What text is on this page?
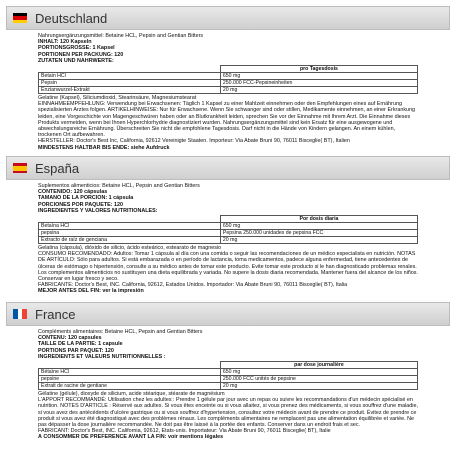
Deutschland
Nahrungsergänzungsmittel: Betaine HCL, Pepsin and Gentian Bitters
INHALT: 120 Kapseln
PORTIONSGRÖSSE: 1 Kapsel
PORTIONEN PER PACKUNG: 120
ZUTATEN UND NÄHRWERTE:
	pro Tagesdosis
Betain HCl	650 mg
Pepsin	250.000 FCC-Pepsineinheiten
Enzianwurzel-Extrakt	20 mg
Gelatine (Kapsel), Siliciumdioxid, Stearinsäure, Magnesiumstearat
EINNAHMEEMPFEHLUNG: Verwendung bei Erwachsenen: Täglich 1 Kapsel zu einer Mahlzeit einnehmen oder den Empfehlungen eines auf Ernährung spezialisierten Arztes folgen. ARTIKELHINWEISE: Nur für Erwachsene. Wenn Sie schwanger sind oder stillen, Medikamente einnehmen, an einer Erkrankung leiden, eine Vorgeschichte von Magengeschwüren haben oder an Blutkrankheit leiden, sprechen Sie vor der Einnahme mit Ihrem Arzt. Die Einnahme dieses Produkts vermeiden, wenn bei Ihnen Hyperchlorhydrie diagnostiziert wurden. Nahrungsergänzungsmittel sind kein Ersatz für eine ausgewogene und abwechslungsreiche Ernährung. Überschreiten Sie nicht die empfohlene Tagesdosis. Darf nicht in die Hände von Kindern gelangen. An einem kühlen, trockenen Ort aufbewahren.
HERSTELLER: Doctor's Best Inc, California, 92612 Vereinigte Staaten. Importeur: Via Abate Bruni 90, 76011 Bisceglie( BT), Italien
MINDESTENS HALTBAR BIS ENDE: siehe Aufdruck
España
Suplementos alimenticios: Betaine HCL, Pepsin and Gentian Bitters
CONTENIDO: 120 cápsulas
TAMAÑO DE LA PORCIÓN: 1 cápsula
PORCIONES POR PAQUETE: 120
INGREDIENTES Y VALORES NUTRITIONALES:
	Por dosis diaria
Betaína HCl	650 mg
pepsina	Pepsina 250.000 unidades de pepsina FCC
Extracto de raíz de genciana	20 mg
Gelatina (cápsula), dióxido de silicio, ácido esteárico, estearato de magnesio
CONSUMO RECOMENDADO: Adultos: Tomar 1 cápsula al día con una comida o seguir las recomendaciones de un médico especialista en nutrición. NOTAS DE ARTÍCULO: Sólo para adultos. Si está embarazada o en período de lactancia, toma medicamentos, padece alguna enfermedad, tiene antecedentes de úlceras de estómago o hipertensión, consulte a su médico antes de tomar este producto. Evite tomar este producto si le han diagnosticado problemas renales. Los complementos alimenticios no sustituyen una dieta equilibrada y variada. No supere la dosis diaria recomendada. Mantener fuera del alcance de los niños. Conservar en lugar fresco y seco.
FABRICANTE: Doctor's Best, INC. California, 92612, Estados Unidos. Importador: Via Abate Bruni 90, 76011 Bisceglie( BT), Italia
MEJOR ANTES DEL FIN: ver la impresión
France
Compléments alimentaires: Betaine HCL, Pepsin and Gentian Bitters
CONTENU: 120 capsules
TAILLE DE LA PARTIE: 1 capsule
PORTIONS PAR PAQUET: 120
INGRÉDIENTS ET VALEURS NUTRITIONNELLES :
	par dose journalière
Bétaïne HCl	650 mg
pepsine	250.000 FCC unités de pepsine
Extrait de racine de gentiane	20 mg
Gélatine (gélule), dioxyde de silicium, acide stéarique, stéarate de magnésium
L'APPORT RECOMMANDÉ: Utilisation chez les adultes : Prendre 1 gélule par jour avec un repas ou suivre les recommandations d'un médecin spécialisé en nutrition. NOTES D'ARTICLE : Réservé aux adultes. Si vous êtes enceinte ou si vous allaitez, si vous prenez des médicaments, si vous souffrez d'une maladie, si vous avez des antécédents d'ulcère gastrique ou si vous souffrez d'hypertension, consultez votre médecin avant de prendre ce produit. Évitez de prendre ce produit si vous avez été diagnostiqué avec des problèmes rénaux. Les compléments alimentaires ne remplacent pas une alimentation équilibrée et variée. Ne pas dépasser la dose journalière recommandée. Ne doit pas être laissé à la portée des enfants. Conserver dans un endroit frais et sec.
FABRICANT: Doctor's Best, INC. California, 92612, États-unis. Importateur: Via Abate Bruni 90, 76011 Bisceglie( BT), Italie
À CONSOMMER DE PRÉFÉRENCE AVANT LA FIN: voir mentions légales
